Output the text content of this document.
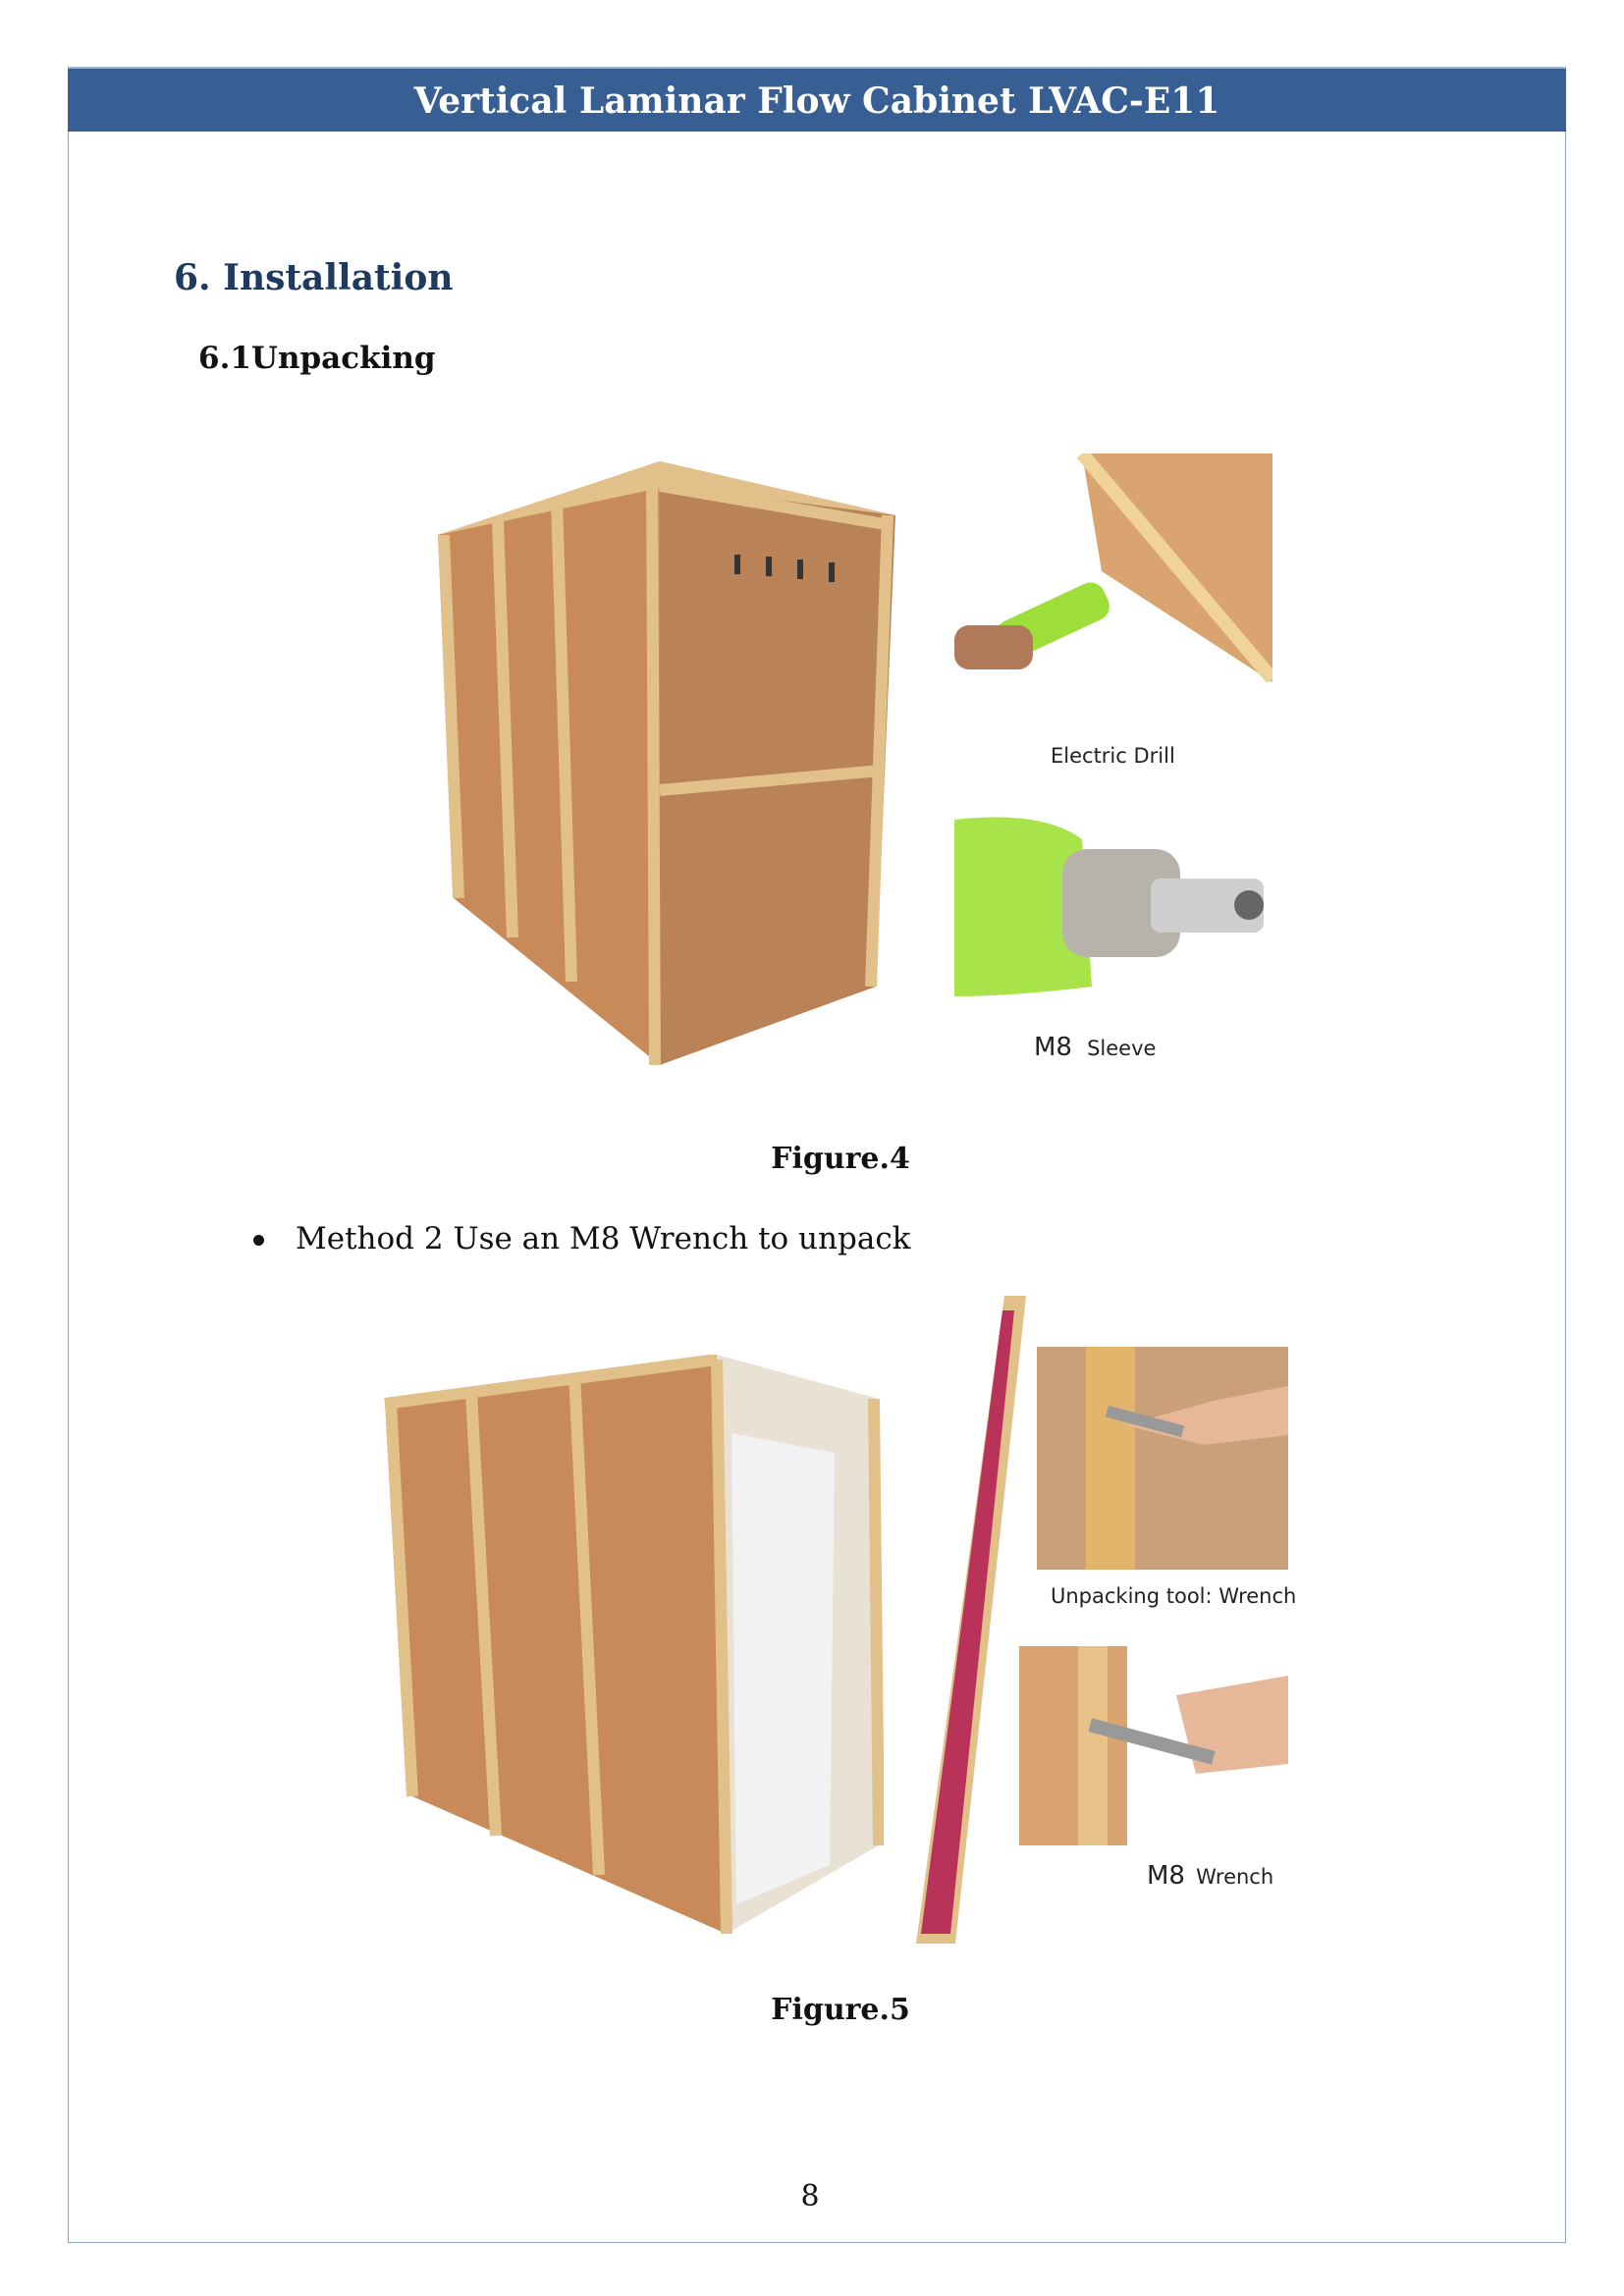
Vertical Laminar Flow Cabinet LVAC-E11
6. Installation
6.1Unpacking
Electric Drill
M8 Sleeve
Figure.4
Method 2 Use an M8 Wrench to unpack
Unpacking tool: Wrench
M8 Wrench
Figure.5
8
